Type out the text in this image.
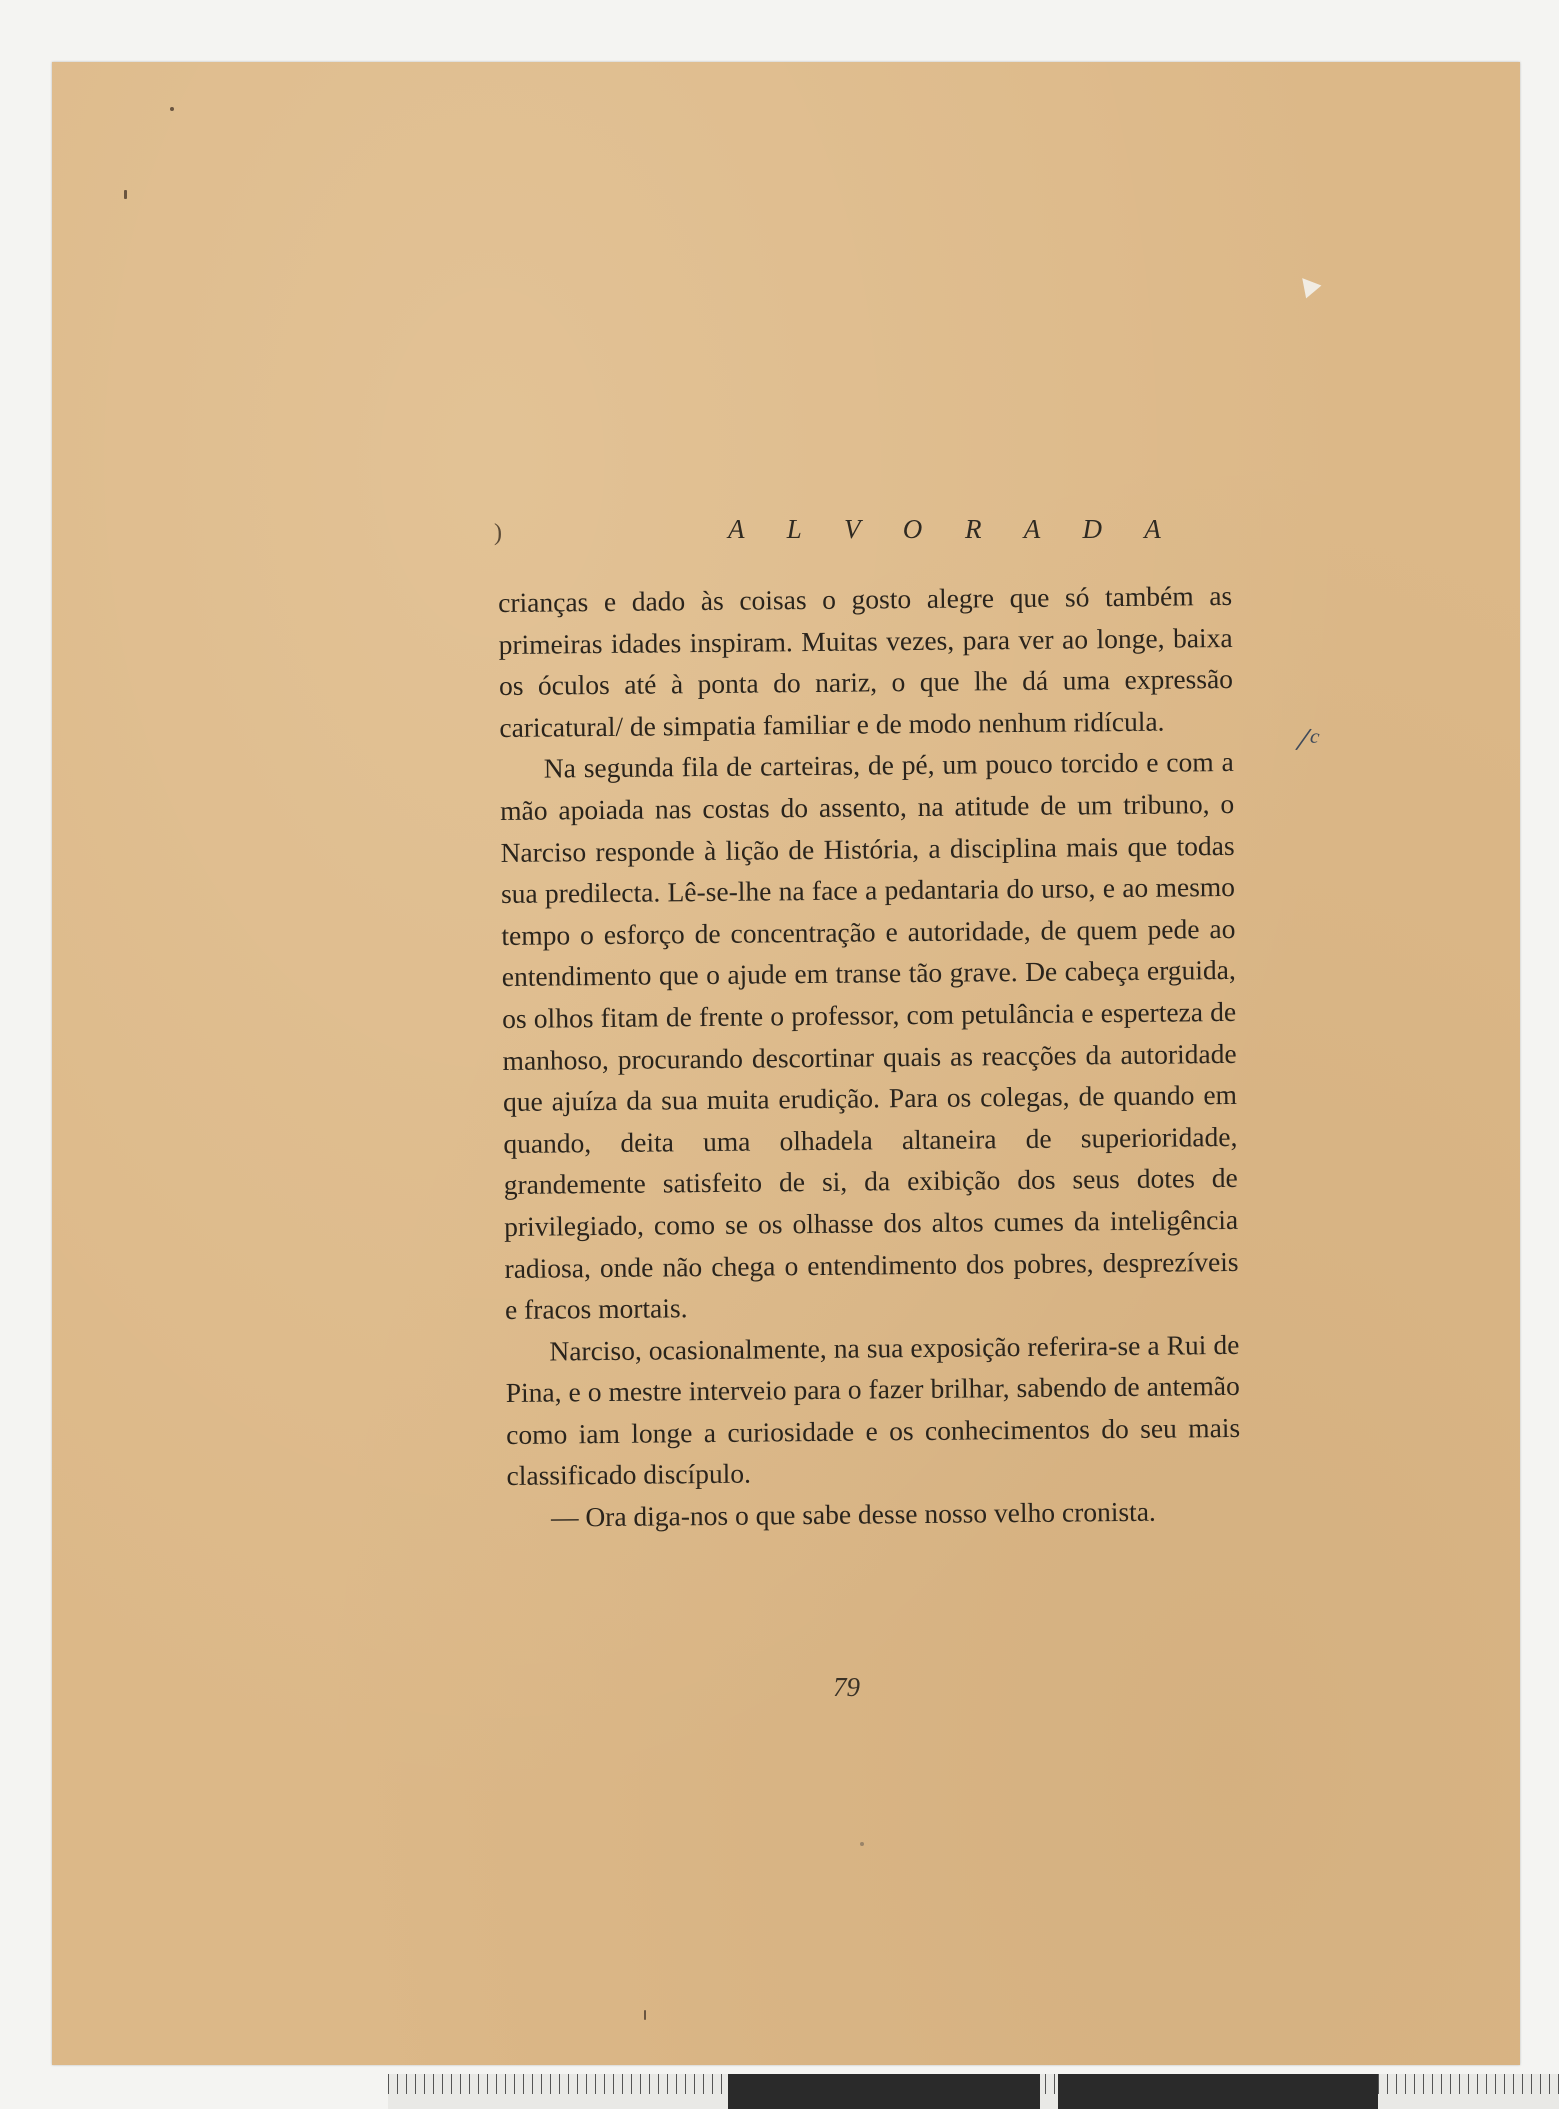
)	A L V O R A D A

crianças e dado às coisas o gosto alegre que só também as primeiras idades inspiram. Muitas vezes, para ver ao longe, baixa os óculos até à ponta do nariz, o que lhe dá uma expressão caricatural/ de simpatia familiar e de modo nenhum ridícula.

Na segunda fila de carteiras, de pé, um pouco torcido e com a mão apoiada nas costas do assento, na atitude de um tribuno, o Narciso responde à lição de História, a disciplina mais que todas sua predilecta. Lê-se-lhe na face a pedantaria do urso, e ao mesmo tempo o esforço de concentração e autoridade, de quem pede ao entendimento que o ajude em transe tão grave. De cabeça erguida, os olhos fitam de frente o professor, com petulância e esperteza de manhoso, procurando descortinar quais as reacções da autoridade que ajuíza da sua muita erudição. Para os colegas, de quando em quando, deita uma olhadela altaneira de superioridade, grandemente satisfeito de si, da exibição dos seus dotes de privilegiado, como se os olhasse dos altos cumes da inteligência radiosa, onde não chega o entendimento dos pobres, desprezíveis e fracos mortais.

Narciso, ocasionalmente, na sua exposição referira-se a Rui de Pina, e o mestre interveio para o fazer brilhar, sabendo de antemão como iam longe a curiosidade e os conhecimentos do seu mais classificado discípulo.

— Ora diga-nos o que sabe desse nosso velho cronista.

/ᶜ

79
